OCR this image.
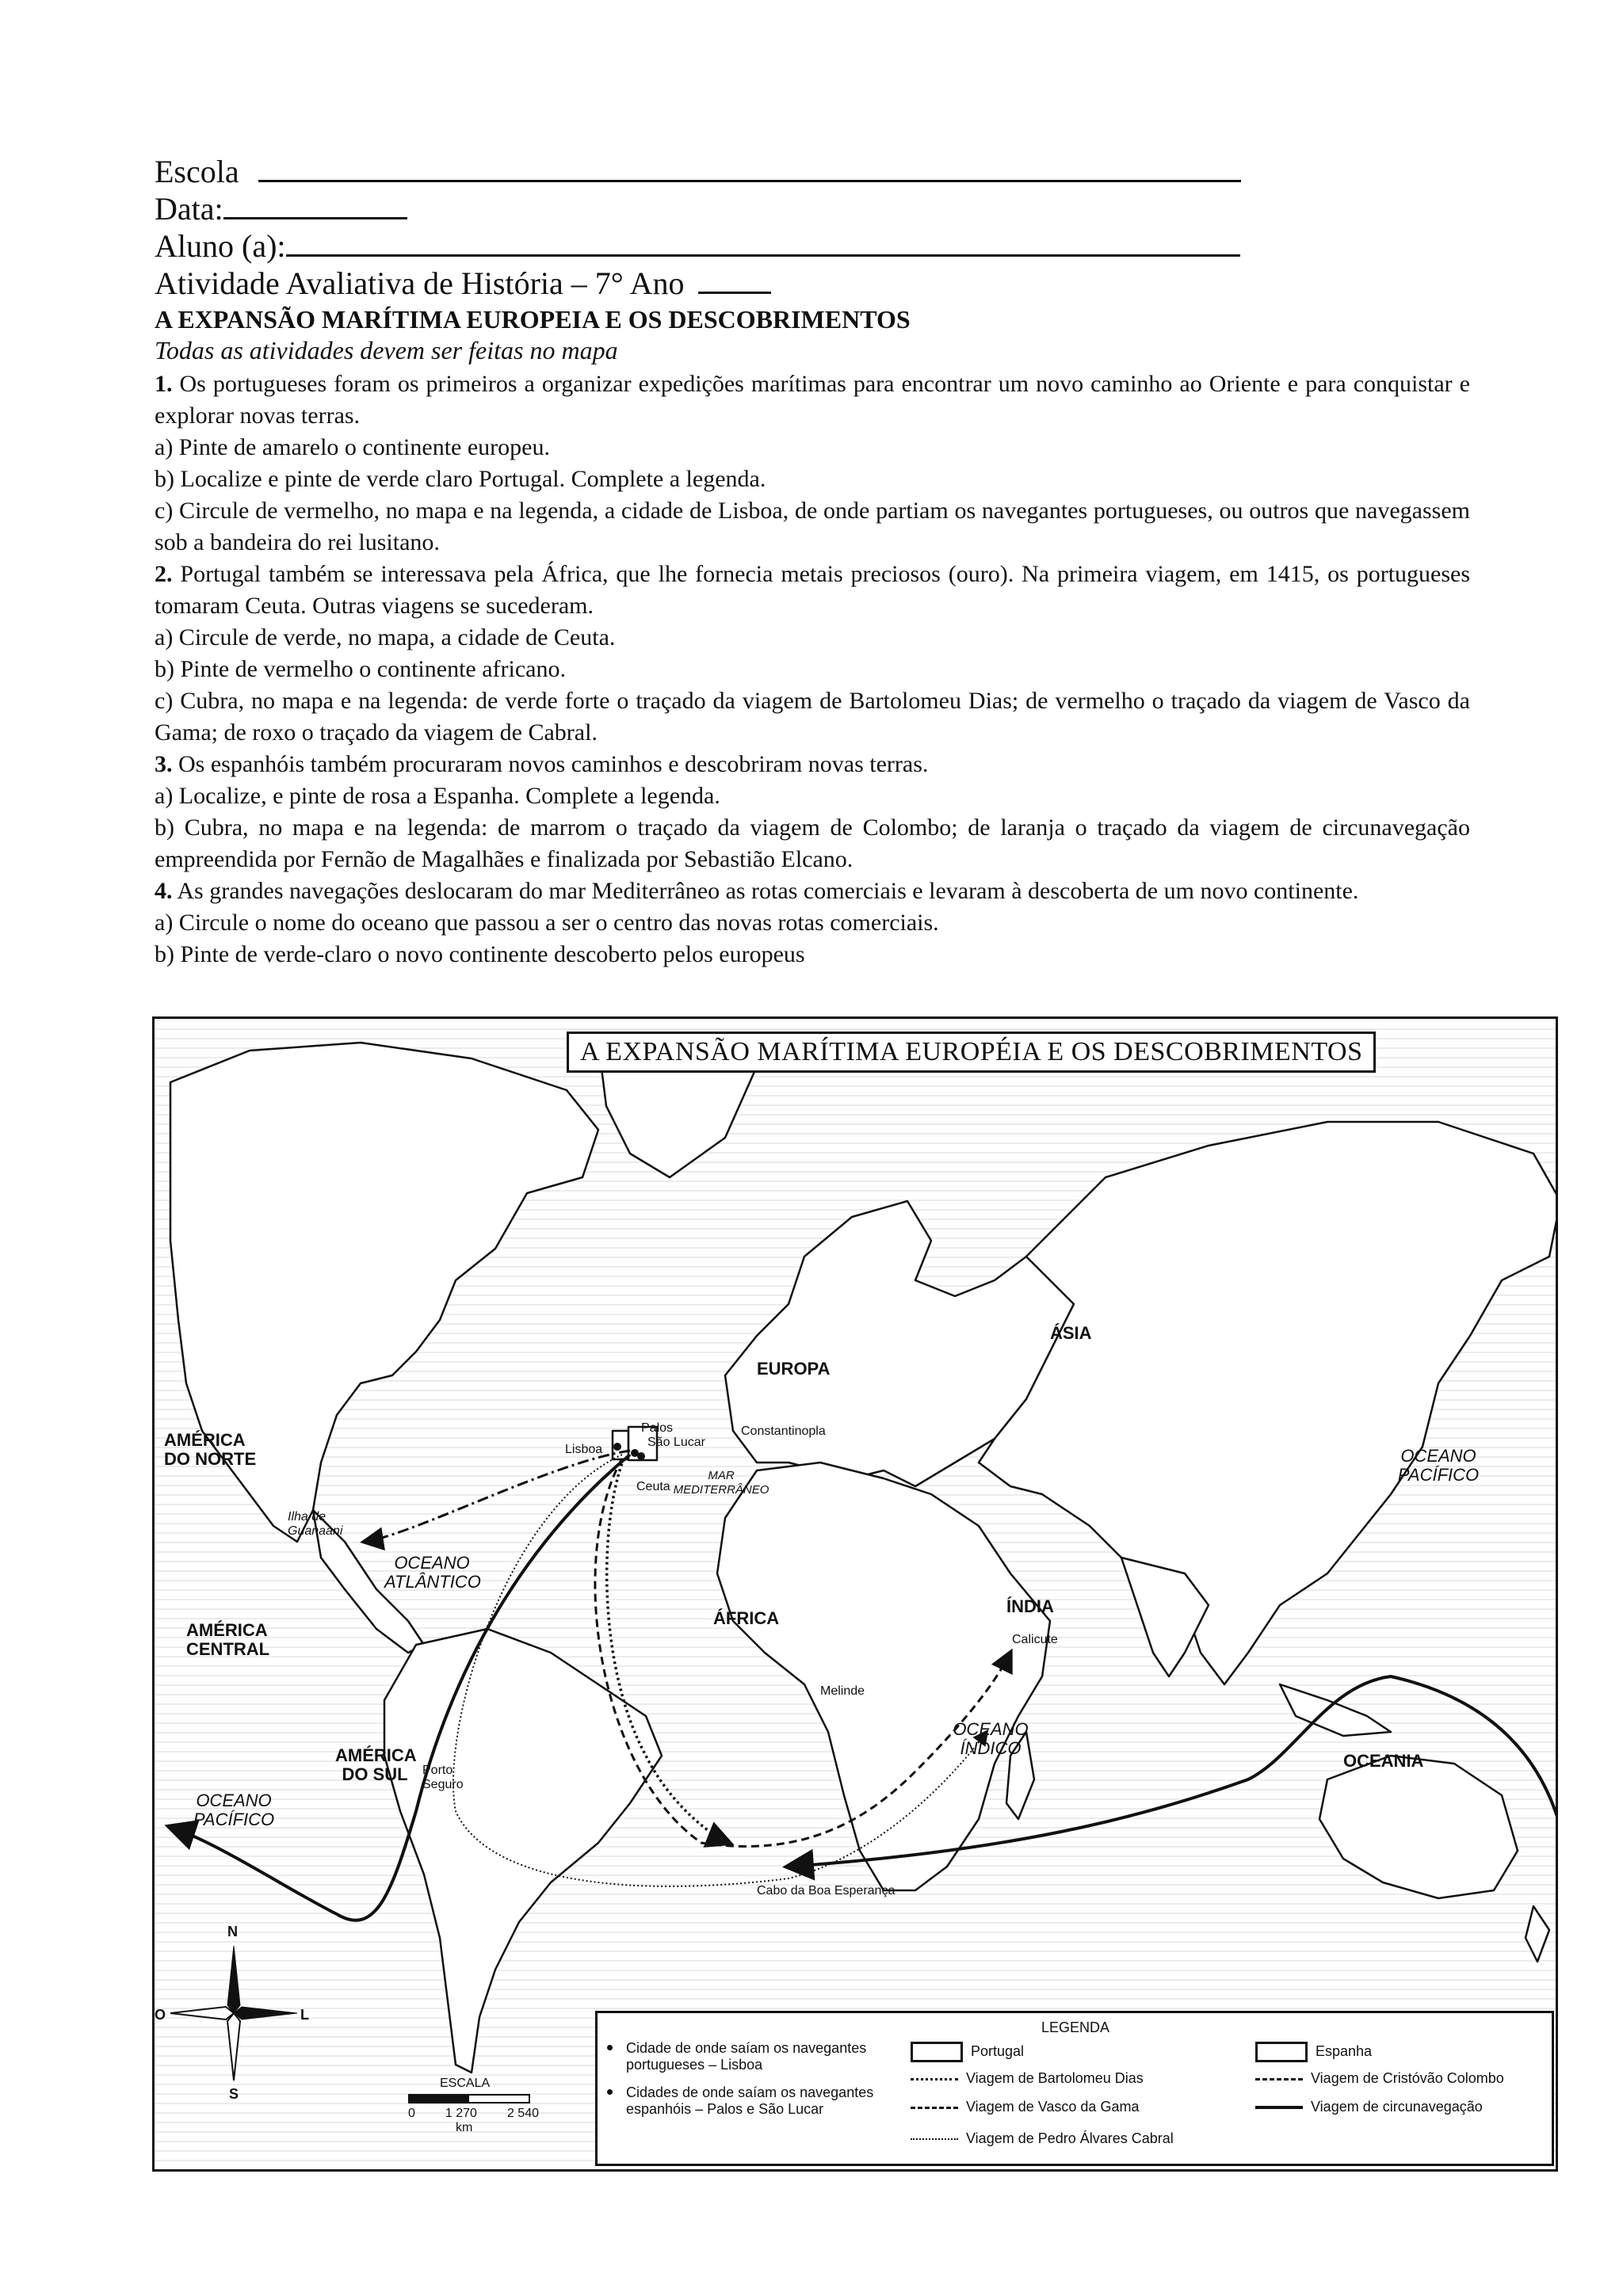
Escola
Data:
Aluno (a):
Atividade Avaliativa de História – 7° Ano
A EXPANSÃO MARÍTIMA EUROPEIA E OS DESCOBRIMENTOS
Todas as atividades devem ser feitas no mapa
1. Os portugueses foram os primeiros a organizar expedições marítimas para encontrar um novo caminho ao Oriente e para conquistar e explorar novas terras.
a) Pinte de amarelo o continente europeu.
b) Localize e pinte de verde claro Portugal. Complete a legenda.
c) Circule de vermelho, no mapa e na legenda, a cidade de Lisboa, de onde partiam os navegantes portugueses, ou outros que navegassem sob a bandeira do rei lusitano.
2. Portugal também se interessava pela África, que lhe fornecia metais preciosos (ouro). Na primeira viagem, em 1415, os portugueses tomaram Ceuta. Outras viagens se sucederam.
a) Circule de verde, no mapa, a cidade de Ceuta.
b) Pinte de vermelho o continente africano.
c) Cubra, no mapa e na legenda: de verde forte o traçado da viagem de Bartolomeu Dias; de vermelho o traçado da viagem de Vasco da Gama; de roxo o traçado da viagem de Cabral.
3. Os espanhóis também procuraram novos caminhos e descobriram novas terras.
a) Localize, e pinte de rosa a Espanha. Complete a legenda.
b) Cubra, no mapa e na legenda: de marrom o traçado da viagem de Colombo; de laranja o traçado da viagem de circunavegação empreendida por Fernão de Magalhães e finalizada por Sebastião Elcano.
4. As grandes navegações deslocaram do mar Mediterrâneo as rotas comerciais e levaram à descoberta de um novo continente.
a) Circule o nome do oceano que passou a ser o centro das novas rotas comerciais.
b) Pinte de verde-claro o novo continente descoberto pelos europeus
A EXPANSÃO MARÍTIMA EUROPÉIA E OS DESCOBRIMENTOS
AMÉRICA DO NORTE
AMÉRICA CENTRAL
AMÉRICA DO SUL
EUROPA
ÁSIA
ÁFRICA
ÍNDIA
OCEANIA
OCEANO ATLÂNTICO
OCEANO PACÍFICO
OCEANO PACÍFICO
OCEANO ÍNDICO
MAR MEDITERRÂNEO
Lisboa
São Lucar
Palos
Ceuta
Constantinopla
Ilha de Guanaani
Calicute
Melinde
Porto Seguro
Cabo da Boa Esperança
N
S
L
O
ESCALA
0 1 270 2 540
km
LEGENDA
Cidade de onde saíam os navegantes portugueses – Lisboa
Cidades de onde saíam os navegantes espanhóis – Palos e São Lucar
Portugal
Viagem de Bartolomeu Dias
Viagem de Vasco da Gama
Viagem de Pedro Álvares Cabral
Espanha
Viagem de Cristóvão Colombo
Viagem de circunavegação
